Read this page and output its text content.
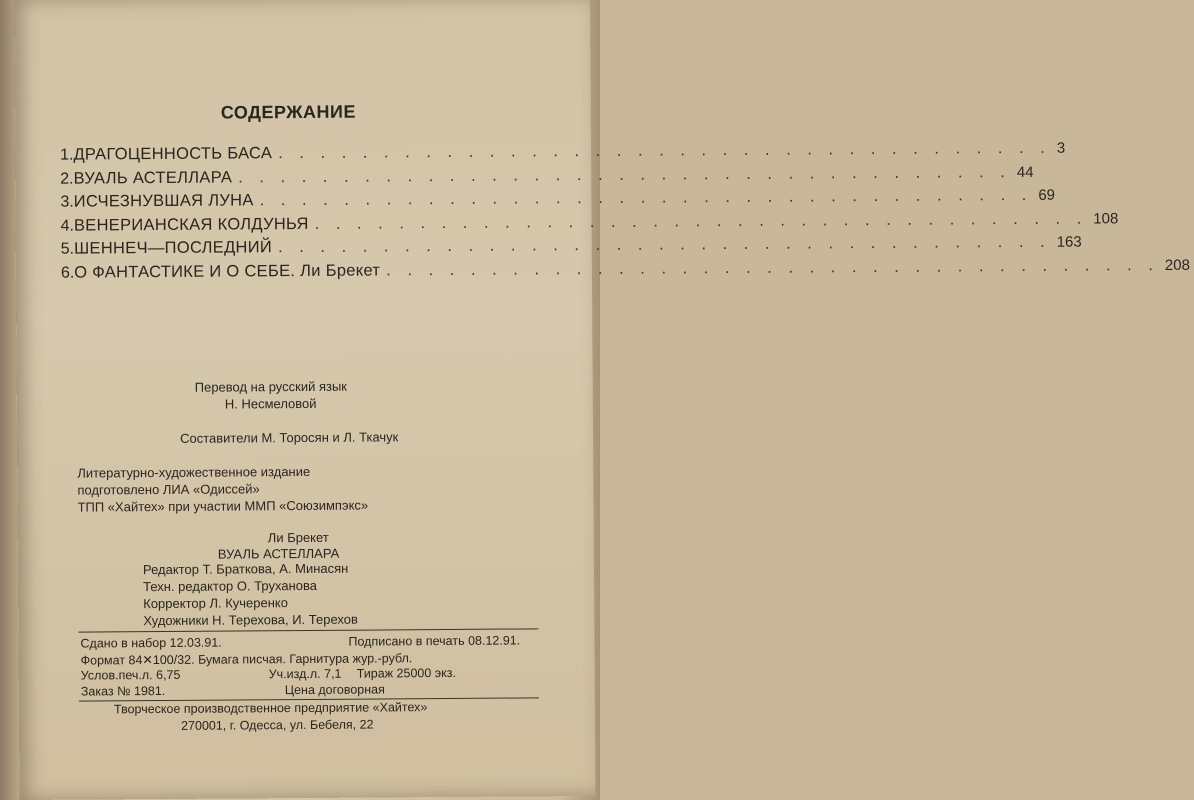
СОДЕРЖАНИЕ
1. ДРАГОЦЕННОСТЬ БАСА . . . . . . . . . . . . . . . . . . . . . . . . . . . . . . . . . . . . . 3
2. ВУАЛЬ АСТЕЛЛАРА . . . . . . . . . . . . . . . . . . . . . . . . . . . . . . . . . . . . . 44
3. ИСЧЕЗНУВШАЯ ЛУНА . . . . . . . . . . . . . . . . . . . . . . . . . . . . . . . . . . . . . 69
4. ВЕНЕРИАНСКАЯ КОЛДУНЬЯ . . . . . . . . . . . . . . . . . . . . . . . . . . . . . . . . . . . . . 108
5. ШЕННЕЧ—ПОСЛЕДНИЙ . . . . . . . . . . . . . . . . . . . . . . . . . . . . . . . . . . . . . 163
6. О ФАНТАСТИКЕ И О СЕБЕ. Ли Брекет . . . . . . . . . . . . . . . . . . . . . . . . . . . . . . . . . . . . . 208
Перевод на русский язык
Н. Несмеловой
Составители М. Торосян и Л. Ткачук
Литературно-художественное издание
подготовлено ЛИА «Одиссей»
ТПП «Хайтех» при участии ММП «Союзимпэкс»
Ли Брекет
ВУАЛЬ АСТЕЛЛАРА
Редактор Т. Браткова, А. Минасян
Техн. редактор О. Труханова
Корректор Л. Кучеренко
Художники Н. Терехова, И. Терехов
Сдано в набор 12.03.91.	Подписано в печать 08.12.91.
Формат 84✕100/32. Бумага писчая. Гарнитура жур.-рубл.
Услов.печ.л. 6,75	Уч.изд.л. 7,1 Тираж 25000 экз.
Заказ № 1981.	Цена договорная
Творческое производственное предприятие «Хайтех»
270001, г. Одесса, ул. Бебеля, 22
